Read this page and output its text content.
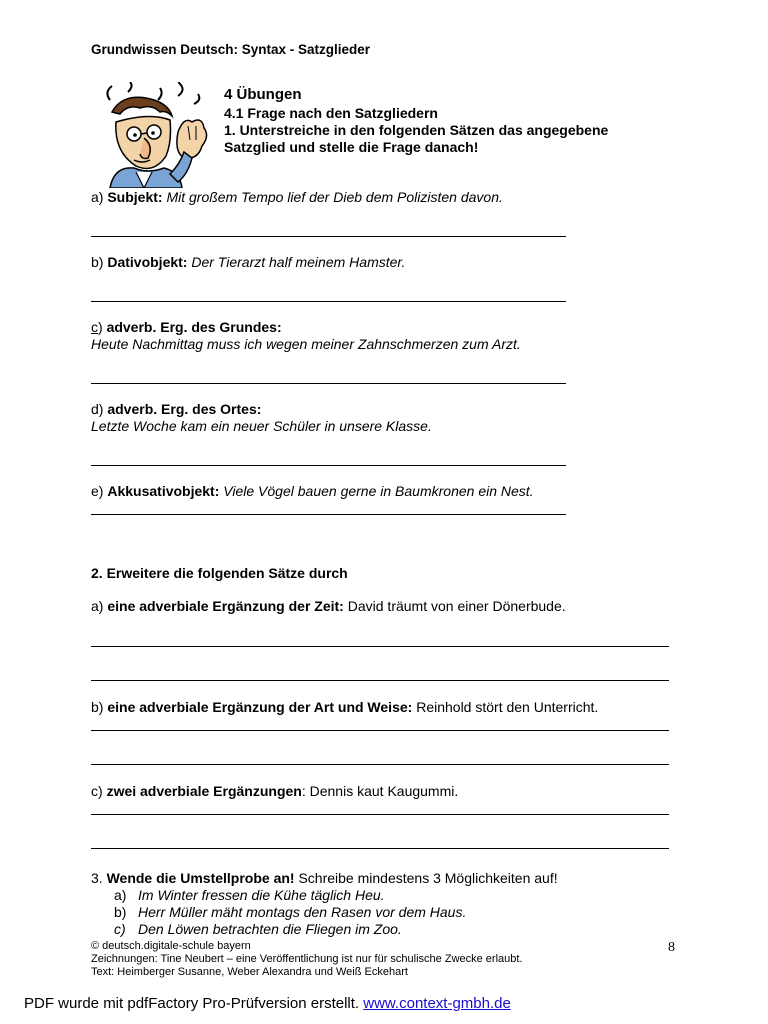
Grundwissen Deutsch: Syntax - Satzglieder
4 Übungen
4.1 Frage nach den Satzgliedern
1. Unterstreiche in den folgenden Sätzen das angegebene
Satzglied und stelle die Frage danach!
a) Subjekt: Mit großem Tempo lief der Dieb dem Polizisten davon.
b) Dativobjekt: Der Tierarzt half meinem Hamster.
c) adverb. Erg. des Grundes:
Heute Nachmittag muss ich wegen meiner Zahnschmerzen zum Arzt.
d) adverb. Erg. des Ortes:
Letzte Woche kam ein neuer Schüler in unsere Klasse.
e) Akkusativobjekt: Viele Vögel bauen gerne in Baumkronen ein Nest.
2. Erweitere die folgenden Sätze durch
a) eine adverbiale Ergänzung der Zeit: David träumt von einer Dönerbude.
b) eine adverbiale Ergänzung der Art und Weise: Reinhold stört den Unterricht.
c) zwei adverbiale Ergänzungen: Dennis kaut Kaugummi.
3. Wende die Umstellprobe an! Schreibe mindestens 3 Möglichkeiten auf!
a) Im Winter fressen die Kühe täglich Heu.
b) Herr Müller mäht montags den Rasen vor dem Haus.
c) Den Löwen betrachten die Fliegen im Zoo.
© deutsch.digitale-schule bayern
Zeichnungen: Tine Neubert – eine Veröffentlichung ist nur für schulische Zwecke erlaubt.
Text: Heimberger Susanne, Weber Alexandra und Weiß Eckehart
8
PDF wurde mit pdfFactory Pro-Prüfversion erstellt. www.context-gmbh.de
